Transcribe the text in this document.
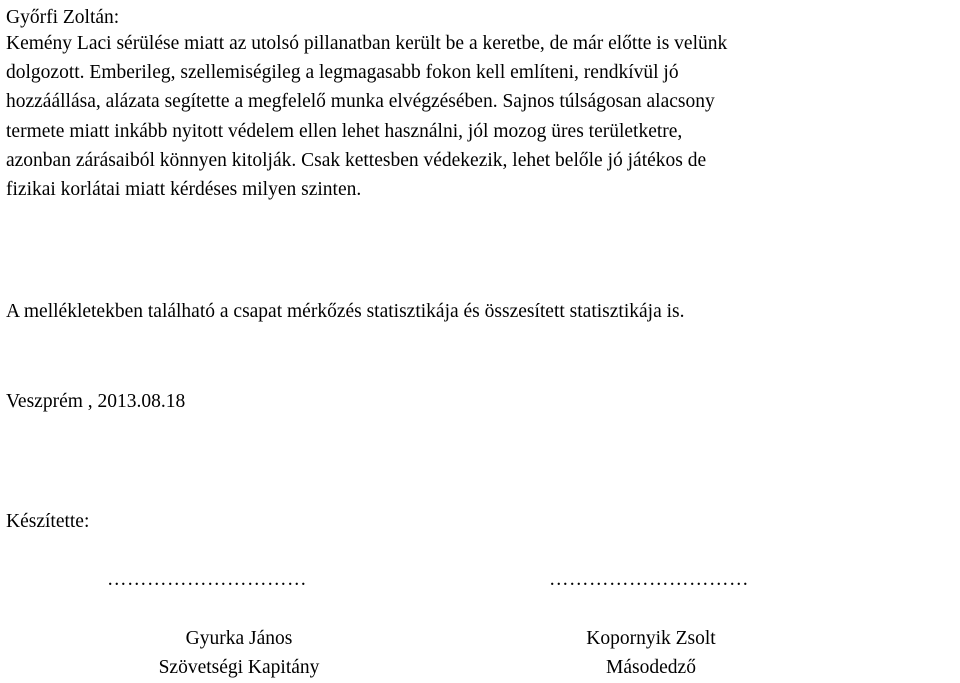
Győrfi Zoltán:

Kemény Laci sérülése miatt az utolsó pillanatban került be a keretbe, de már előtte is velünk
dolgozott. Emberileg, szellemiségileg a legmagasabb fokon kell említeni, rendkívül jó
hozzáállása, alázata segítette a megfelelő munka elvégzésében. Sajnos túlságosan alacsony
termete miatt inkább nyitott védelem ellen lehet használni, jól mozog üres területketre,
azonban zárásaiból könnyen kitolják. Csak kettesben védekezik, lehet belőle jó játékos de
fizikai korlátai miatt kérdéses milyen szinten.

A mellékletekben található a csapat mérkőzés statisztikája és összesített statisztikája is.
Veszprém , 2013.08.18
Készítette:
…………………………	…………………………
Gyurka János
Szövetségi Kapitány
Kopornyik Zsolt
Másodedző
